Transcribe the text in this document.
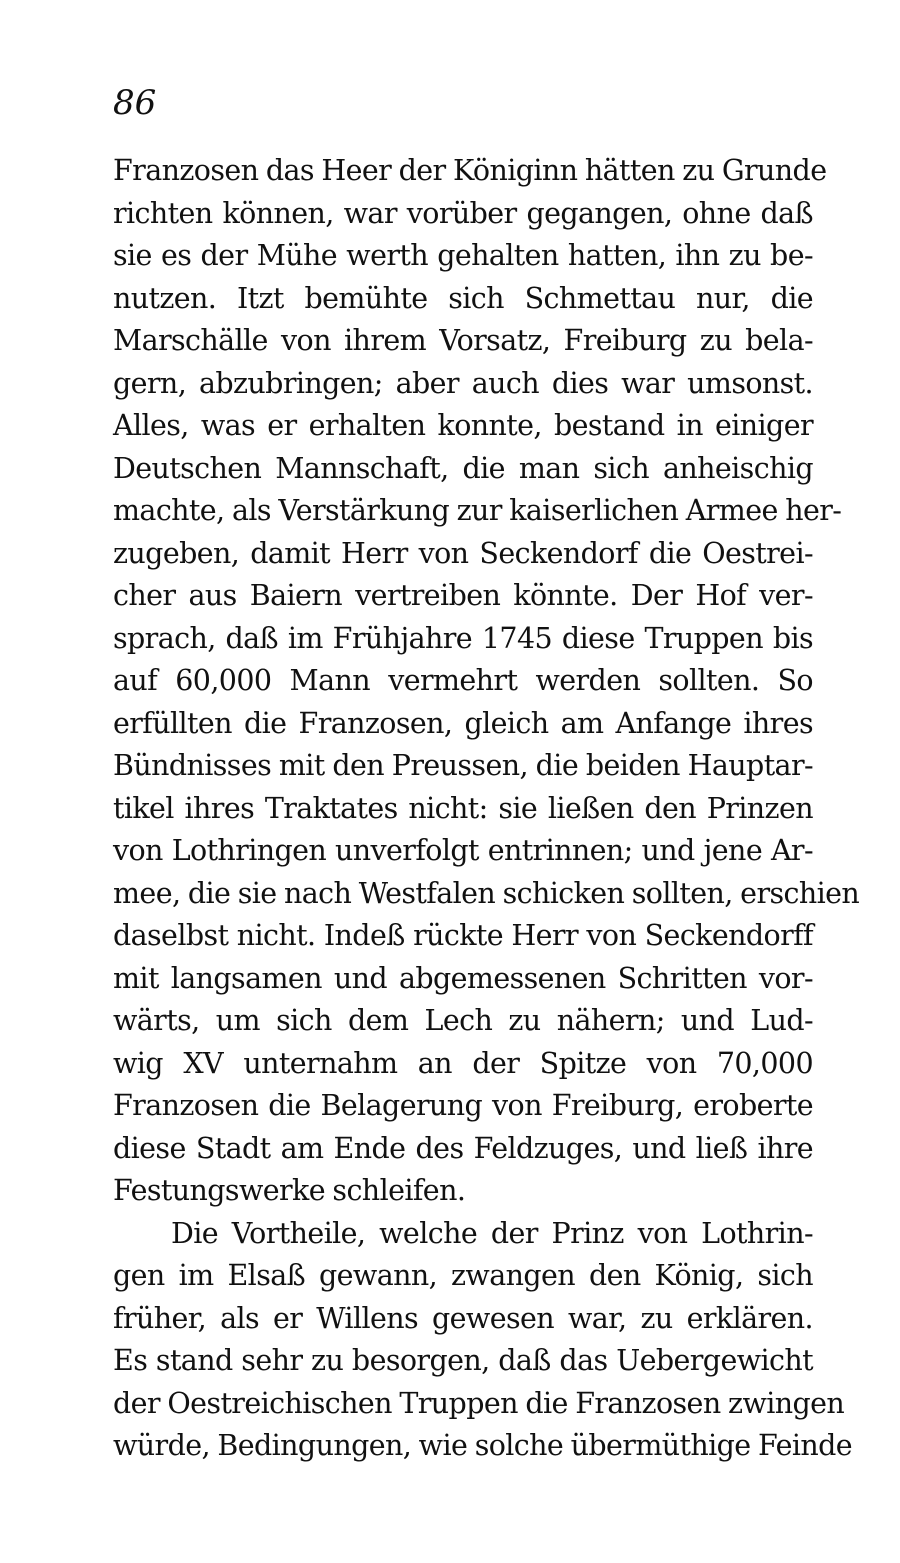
86
Franzosen das Heer der Königinn hätten zu Grunde
richten können, war vorüber gegangen, ohne daß
sie es der Mühe werth gehalten hatten, ihn zu be-
nutzen. Itzt bemühte sich Schmettau nur, die
Marschälle von ihrem Vorsatz, Freiburg zu bela-
gern, abzubringen; aber auch dies war umsonst.
Alles, was er erhalten konnte, bestand in einiger
Deutschen Mannschaft, die man sich anheischig
machte, als Verstärkung zur kaiserlichen Armee her-
zugeben, damit Herr von Seckendorf die Oestrei-
cher aus Baiern vertreiben könnte. Der Hof ver-
sprach, daß im Frühjahre 1745 diese Truppen bis
auf 60,000 Mann vermehrt werden sollten. So
erfüllten die Franzosen, gleich am Anfange ihres
Bündnisses mit den Preussen, die beiden Hauptar-
tikel ihres Traktates nicht: sie ließen den Prinzen
von Lothringen unverfolgt entrinnen; und jene Ar-
mee, die sie nach Westfalen schicken sollten, erschien
daselbst nicht. Indeß rückte Herr von Seckendorff
mit langsamen und abgemessenen Schritten vor-
wärts, um sich dem Lech zu nähern; und Lud-
wig XV unternahm an der Spitze von 70,000
Franzosen die Belagerung von Freiburg, eroberte
diese Stadt am Ende des Feldzuges, und ließ ihre
Festungswerke schleifen.
Die Vortheile, welche der Prinz von Lothrin-
gen im Elsaß gewann, zwangen den König, sich
früher, als er Willens gewesen war, zu erklären.
Es stand sehr zu besorgen, daß das Uebergewicht
der Oestreichischen Truppen die Franzosen zwingen
würde, Bedingungen, wie solche übermüthige Feinde
